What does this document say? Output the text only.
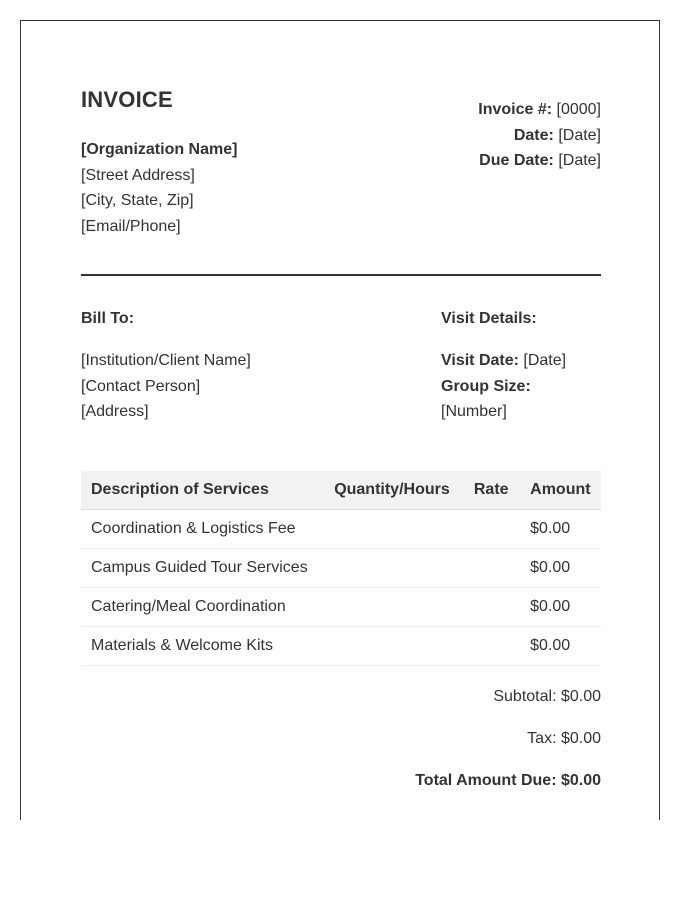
INVOICE
[Organization Name]
[Street Address]
[City, State, Zip]
[Email/Phone]
Invoice #: [0000]
Date: [Date]
Due Date: [Date]
Bill To:
[Institution/Client Name]
[Contact Person]
[Address]
Visit Details:
Visit Date: [Date]
Group Size: [Number]
Description of Services	Quantity/Hours	Rate	Amount
Coordination & Logistics Fee			$0.00
Campus Guided Tour Services			$0.00
Catering/Meal Coordination			$0.00
Materials & Welcome Kits			$0.00
Subtotal: $0.00
Tax: $0.00
Total Amount Due: $0.00
